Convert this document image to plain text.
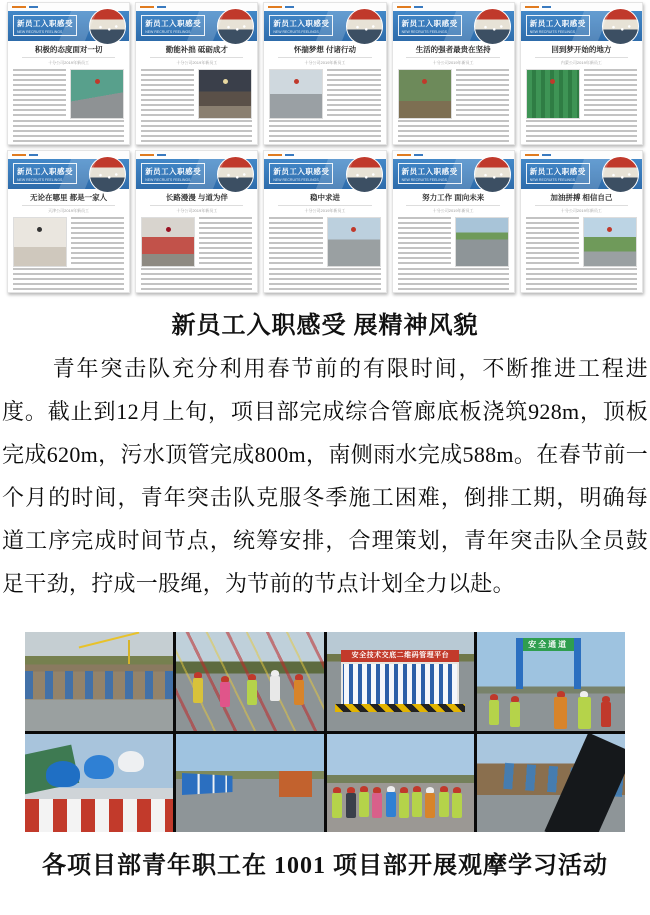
新员工入职感受
NEW RECRUITS FEELINGS
积极的态度面对一切
十分公司2019年新员工
新员工入职感受
NEW RECRUITS FEELINGS
勤能补拙 砥砺成才
十分公司2019年新员工
新员工入职感受
NEW RECRUITS FEELINGS
怀揣梦想 付诸行动
十分公司2019年新员工
新员工入职感受
NEW RECRUITS FEELINGS
生活的强者最贵在坚持
十分公司2019年新员工
新员工入职感受
NEW RECRUITS FEELINGS
回到梦开始的地方
内蒙公司2019年新员工
新员工入职感受
NEW RECRUITS FEELINGS
无论在哪里 都是一家人
天津公司2019年新员工
新员工入职感受
NEW RECRUITS FEELINGS
长路漫漫 与道为伴
十分公司2019年新员工
新员工入职感受
NEW RECRUITS FEELINGS
稳中求进
十分公司2019年新员工
新员工入职感受
NEW RECRUITS FEELINGS
努力工作 面向未来
十分公司2019年新员工
新员工入职感受
NEW RECRUITS FEELINGS
加油拼搏 相信自己
十分公司2019年新员工
新员工入职感受 展精神风貌
青年突击队充分利用春节前的有限时间，不断推进工程进度。截止到12月上旬，项目部完成综合管廊底板浇筑928m，顶板完成620m，污水顶管完成800m，南侧雨水完成588m。在春节前一个月的时间，青年突击队克服冬季施工困难，倒排工期，明确每道工序完成时间节点，统筹安排，合理策划，青年突击队全员鼓足干劲，拧成一股绳，为节前的节点计划全力以赴。
安全技术交底二维码管理平台
安全通道
各项目部青年职工在 1001 项目部开展观摩学习活动
